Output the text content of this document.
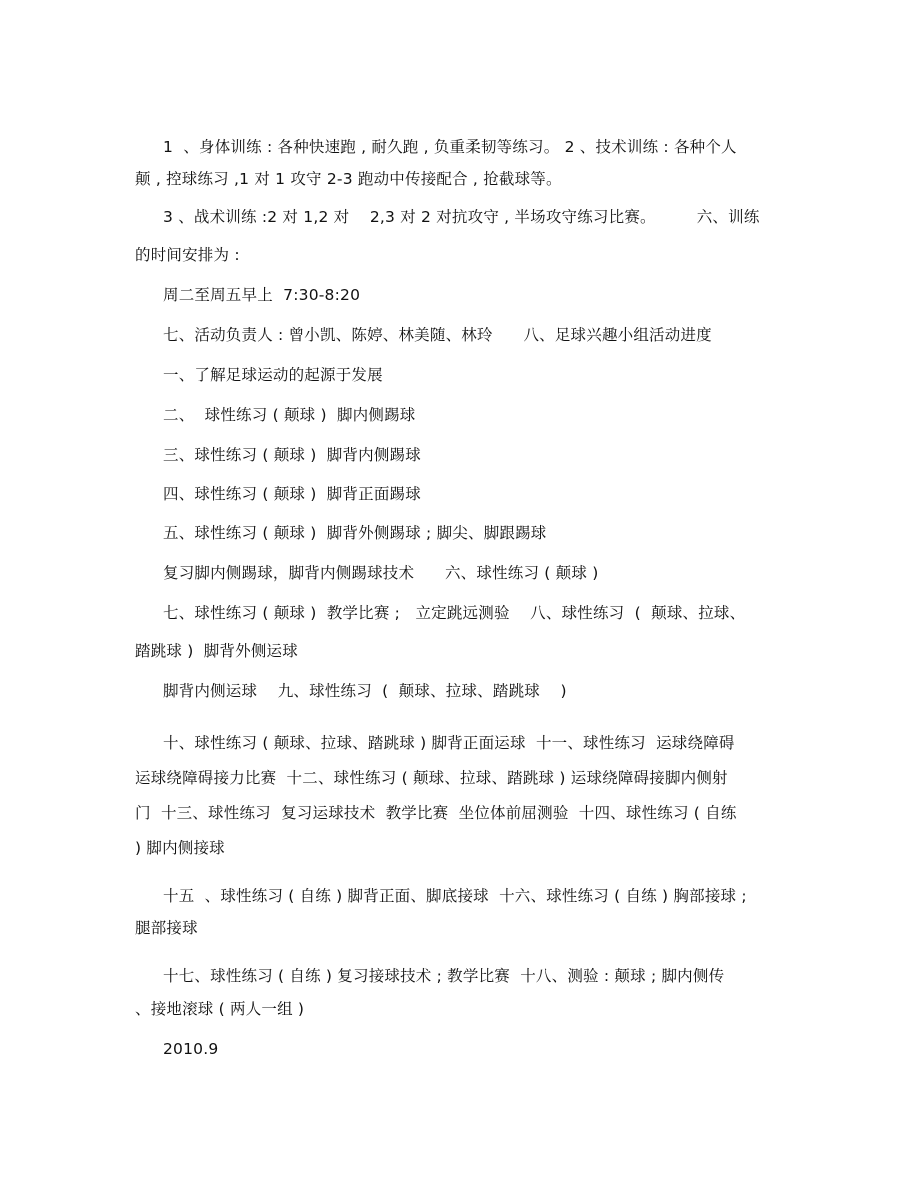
1  、身体训练 : 各种快速跑 , 耐久跑 , 负重柔韧等练习。 2 、技术训练 : 各种个人
颠 , 控球练习 ,1 对 1 攻守 2-3 跑动中传接配合 , 抢截球等。
3 、战术训练 :2 对 1,2 对    2,3 对 2 对抗攻守 , 半场攻守练习比赛。        六、训练
的时间安排为 :
周二至周五早上  7:30-8:20
七、活动负责人 : 曾小凯、陈婷、林美随、林玲      八、足球兴趣小组活动进度
一、了解足球运动的起源于发展
二、  球性练习 ( 颠球 )  脚内侧踢球
三、球性练习 ( 颠球 )  脚背内侧踢球
四、球性练习 ( 颠球 )  脚背正面踢球
五、球性练习 ( 颠球 )  脚背外侧踢球 ; 脚尖、脚跟踢球
复习脚内侧踢球，脚背内侧踢球技术      六、球性练习 ( 颠球 )
七、球性练习 ( 颠球 )  教学比赛 ;   立定跳远测验    八、球性练习  (  颠球、拉球、
踏跳球 )  脚背外侧运球
脚背内侧运球    九、球性练习  (  颠球、拉球、踏跳球    )
十、球性练习 ( 颠球、拉球、踏跳球 ) 脚背正面运球  十一、球性练习  运球绕障碍
运球绕障碍接力比赛  十二、球性练习 ( 颠球、拉球、踏跳球 ) 运球绕障碍接脚内侧射
门  十三、球性练习  复习运球技术  教学比赛  坐位体前屈测验  十四、球性练习 ( 自练
) 脚内侧接球
十五  、球性练习 ( 自练 ) 脚背正面、脚底接球  十六、球性练习 ( 自练 ) 胸部接球 ;
腿部接球
十七、球性练习 ( 自练 ) 复习接球技术 ; 教学比赛  十八、测验 : 颠球 ; 脚内侧传
、接地滚球 ( 两人一组 )
2010.9
